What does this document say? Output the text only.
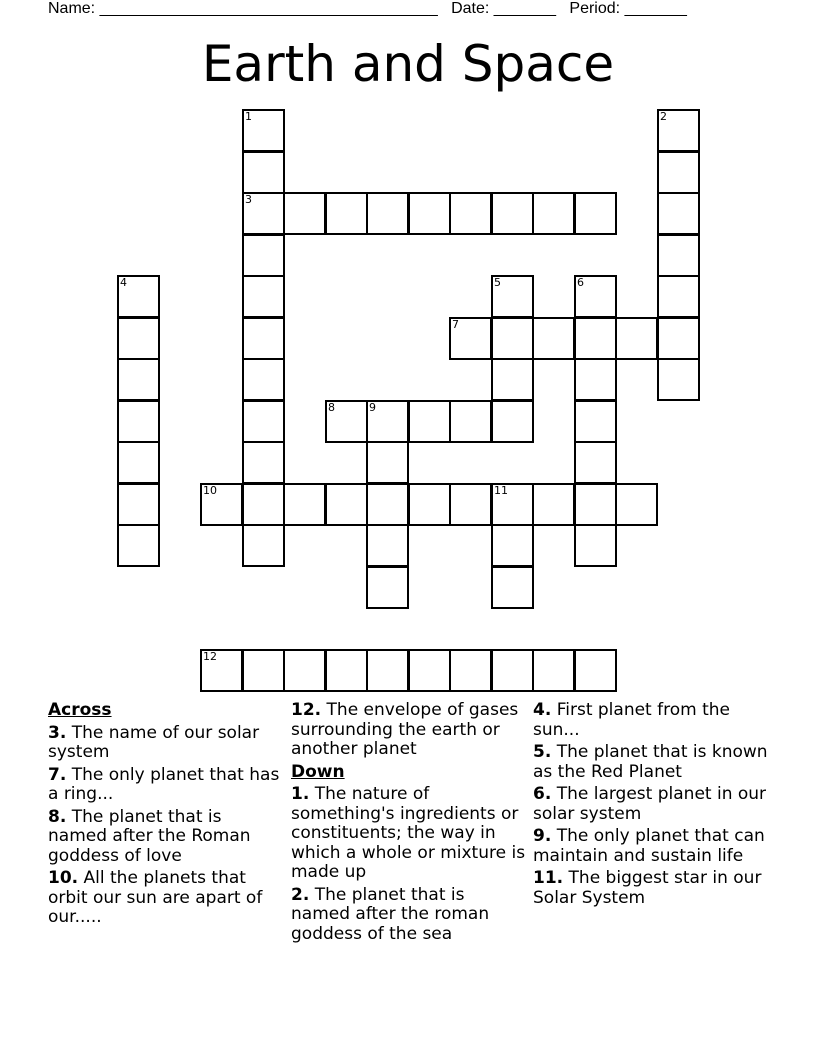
Name: ______________________________________ Date: _______ Period: _______
Earth and Space
1
3
2
4	5	6
7
8	9
10	11
12
Across
3. The name of our solar system
7. The only planet that has a ring...
8. The planet that is named after the Roman goddess of love
10. All the planets that orbit our sun are apart of our.....
12. The envelope of gases surrounding the earth or another planet
Down
1. The nature of something's ingredients or constituents; the way in which a whole or mixture is made up
2. The planet that is named after the roman goddess of the sea
4. First planet from the sun...
5. The planet that is known as the Red Planet
6. The largest planet in our solar system
9. The only planet that can maintain and sustain life
11. The biggest star in our Solar System
